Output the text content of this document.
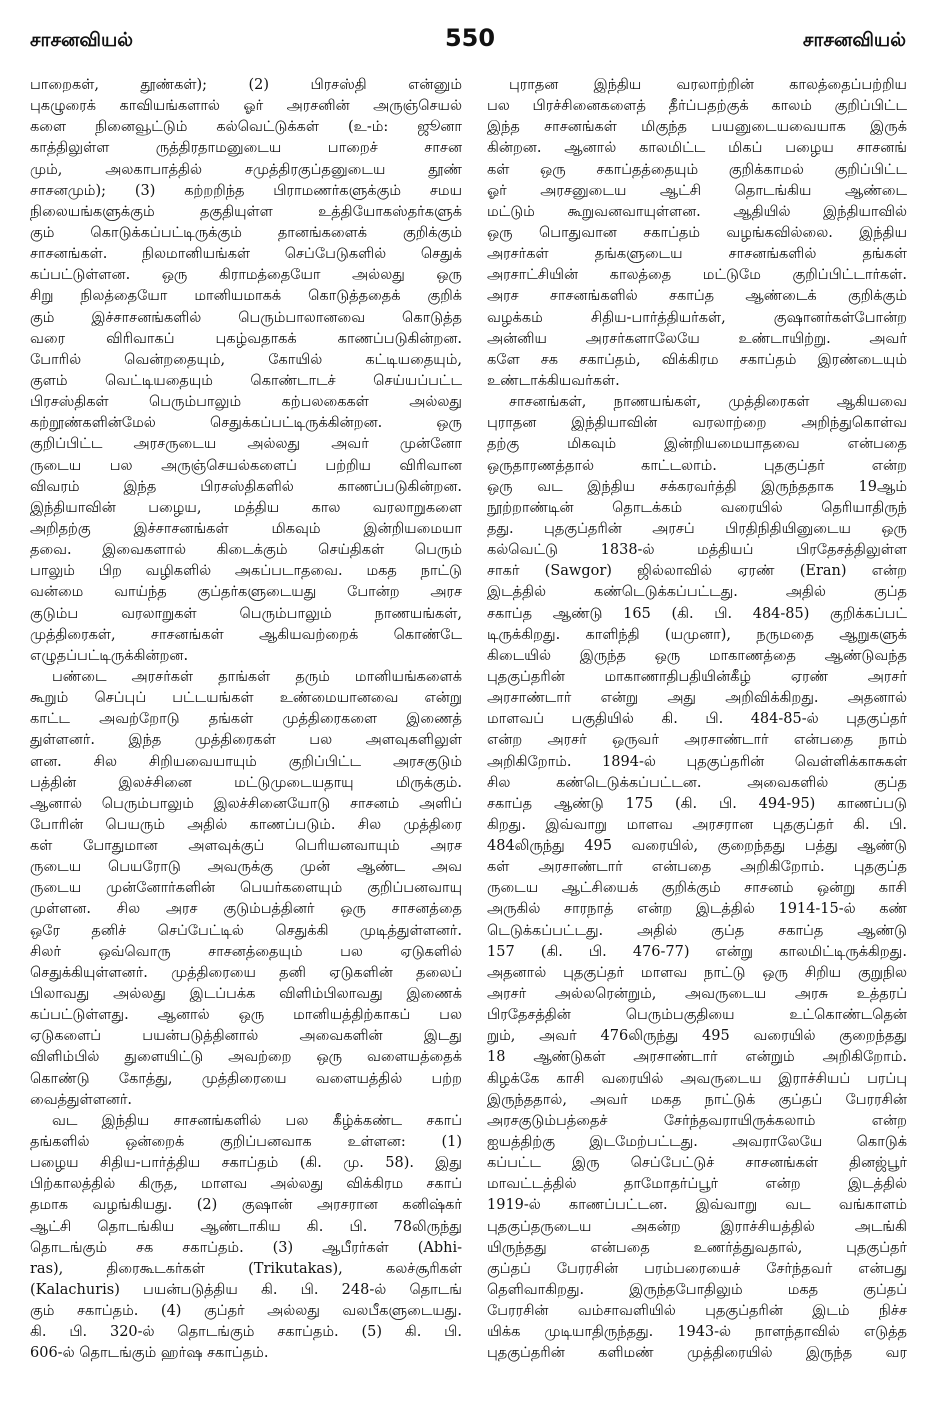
சாசனவியல்	550	சாசனவியல்
பாறைகள், தூண்கள்); (2) பிரசஸ்தி என்னும்
புகழுரைக் காவியங்களால் ஓர் அரசனின் அருஞ்செயல்
களை நினைவூட்டும் கல்வெட்டுக்கள் (உ-ம்: ஜூனா
காத்திலுள்ள ருத்திரதாமனுடைய பாறைச் சாசன
மும், அலகாபாத்தில் சமுத்திரகுப்தனுடைய தூண்
சாசனமும்); (3) கற்றறிந்த பிராமணர்களுக்கும் சமய
நிலையங்களுக்கும் தகுதியுள்ள உத்தியோகஸ்தர்களுக்
கும் கொடுக்கப்பட்டிருக்கும் தானங்களைக் குறிக்கும்
சாசனங்கள். நிலமானியங்கள் செப்பேடுகளில் செதுக்
கப்பட்டுள்ளன. ஒரு கிராமத்தையோ அல்லது ஒரு
சிறு நிலத்தையோ மானியமாகக் கொடுத்ததைக் குறிக்
கும் இச்சாசனங்களில் பெரும்பாலானவை கொடுத்த
வரை விரிவாகப் புகழ்வதாகக் காணப்படுகின்றன.
போரில் வென்றதையும், கோயில் கட்டியதையும்,
குளம் வெட்டியதையும் கொண்டாடச் செய்யப்பட்ட
பிரசஸ்திகள் பெரும்பாலும் கற்பலகைகள் அல்லது
கற்றூண்களின்மேல் செதுக்கப்பட்டிருக்கின்றன. ஒரு
குறிப்பிட்ட அரசருடைய அல்லது அவர் முன்னோ
ருடைய பல அருஞ்செயல்களைப் பற்றிய விரிவான
விவரம் இந்த பிரசஸ்திகளில் காணப்படுகின்றன.
இந்தியாவின் பழைய, மத்திய கால வரலாறுகளை
அறிதற்கு இச்சாசனங்கள் மிகவும் இன்றியமையா
தவை. இவைகளால் கிடைக்கும் செய்திகள் பெரும்
பாலும் பிற வழிகளில் அகப்படாதவை. மகத நாட்டு
வன்மை வாய்ந்த குப்தர்களுடையது போன்ற அரச
குடும்ப வரலாறுகள் பெரும்பாலும் நாணயங்கள்,
முத்திரைகள், சாசனங்கள் ஆகியவற்றைக் கொண்டே
எழுதப்பட்டிருக்கின்றன.
பண்டை அரசர்கள் தாங்கள் தரும் மானியங்களைக்
கூறும் செப்புப் பட்டயங்கள் உண்மையானவை என்று
காட்ட அவற்றோடு தங்கள் முத்திரைகளை இணைத்
துள்ளனர். இந்த முத்திரைகள் பல அளவுகளிலுள்
ளன. சில சிறியவையாயும் குறிப்பிட்ட அரசகுடும்
பத்தின் இலச்சினை மட்டுமுடையதாயு மிருக்கும்.
ஆனால் பெரும்பாலும் இலச்சினையோடு சாசனம் அளிப்
போரின் பெயரும் அதில் காணப்படும். சில முத்திரை
கள் போதுமான அளவுக்குப் பெரியனவாயும் அரச
ருடைய பெயரோடு அவருக்கு முன் ஆண்ட அவ
ருடைய முன்னோர்களின் பெயர்களையும் குறிப்பனவாயு
முள்ளன. சில அரச குடும்பத்தினர் ஒரு சாசனத்தை
ஒரே தனிச் செப்பேட்டில் செதுக்கி முடித்துள்ளனர்.
சிலர் ஒவ்வொரு சாசனத்தையும் பல ஏடுகளில்
செதுக்கியுள்ளனர். முத்திரையை தனி ஏடுகளின் தலைப்
பிலாவது அல்லது இடப்பக்க விளிம்பிலாவது இணைக்
கப்பட்டுள்ளது. ஆனால் ஒரு மானியத்திற்காகப் பல
ஏடுகளைப் பயன்படுத்தினால் அவைகளின் இடது
விளிம்பில் துளையிட்டு அவற்றை ஒரு வளையத்தைக்
கொண்டு கோத்து, முத்திரையை வளையத்தில் பற்ற
வைத்துள்ளனர்.
வட இந்திய சாசனங்களில் பல கீழ்க்கண்ட சகாப்
தங்களில் ஒன்றைக் குறிப்பனவாக உள்ளன: (1)
பழைய சிதிய-பார்த்திய சகாப்தம் (கி. மு. 58). இது
பிற்காலத்தில் கிருத, மாளவ அல்லது விக்கிரம சகாப்
தமாக வழங்கியது. (2) குஷான் அரசரான கனிஷ்கர்
ஆட்சி தொடங்கிய ஆண்டாகிய கி. பி. 78லிருந்து
தொடங்கும் சக சகாப்தம். (3) ஆபீரர்கள் (Abhi-
ras), திரைகூடகர்கள் (Trikutakas), கலச்சூரிகள்
(Kalachuris) பயன்படுத்திய கி. பி. 248-ல் தொடங்
கும் சகாப்தம். (4) குப்தர் அல்லது வலபீகளுடையது.
கி. பி. 320-ல் தொடங்கும் சகாப்தம். (5) கி. பி.
606-ல் தொடங்கும் ஹர்ஷ சகாப்தம்.
புராதன இந்திய வரலாற்றின் காலத்தைப்பற்றிய
பல பிரச்சினைகளைத் தீர்ப்பதற்குக் காலம் குறிப்பிட்ட
இந்த சாசனங்கள் மிகுந்த பயனுடையவையாக இருக்
கின்றன. ஆனால் காலமிட்ட மிகப் பழைய சாசனங்
கள் ஒரு சகாப்தத்தையும் குறிக்காமல் குறிப்பிட்ட
ஓர் அரசனுடைய ஆட்சி தொடங்கிய ஆண்டை
மட்டும் கூறுவனவாயுள்ளன. ஆதியில் இந்தியாவில்
ஒரு பொதுவான சகாப்தம் வழங்கவில்லை. இந்திய
அரசர்கள் தங்களுடைய சாசனங்களில் தங்கள்
அரசாட்சியின் காலத்தை மட்டுமே குறிப்பிட்டார்கள்.
அரச சாசனங்களில் சகாப்த ஆண்டைக் குறிக்கும்
வழக்கம் சிதிய-பார்த்தியர்கள், குஷானர்கள்போன்ற
அன்னிய அரசர்களாலேயே உண்டாயிற்று. அவர்
களே சக சகாப்தம், விக்கிரம சகாப்தம் இரண்டையும்
உண்டாக்கியவர்கள்.
சாசனங்கள், நாணயங்கள், முத்திரைகள் ஆகியவை
புராதன இந்தியாவின் வரலாற்றை அறிந்துகொள்வ
தற்கு மிகவும் இன்றியமையாதவை என்பதை
ஒருதாரணத்தால் காட்டலாம். புதகுப்தர் என்ற
ஒரு வட இந்திய சக்கரவர்த்தி இருந்ததாக 19ஆம்
நூற்றாண்டின் தொடக்கம் வரையில் தெரியாதிருந்
தது. புதகுப்தரின் அரசப் பிரதிநிதியினுடைய ஒரு
கல்வெட்டு 1838-ல் மத்தியப் பிரதேசத்திலுள்ள
சாகர் (Sawgor) ஜில்லாவில் ஏரண் (Eran) என்ற
இடத்தில் கண்டெடுக்கப்பட்டது. அதில் குப்த
சகாப்த ஆண்டு 165 (கி. பி. 484-85) குறிக்கப்பட்
டிருக்கிறது. காளிந்தி (யமுனா), நருமதை ஆறுகளுக்
கிடையில் இருந்த ஒரு மாகாணத்தை ஆண்டுவந்த
புதகுப்தரின் மாகாணாதிபதியின்கீழ் ஏரண் அரசர்
அரசாண்டார் என்று அது அறிவிக்கிறது. அதனால்
மாளவப் பகுதியில் கி. பி. 484-85-ல் புதகுப்தர்
என்ற அரசர் ஒருவர் அரசாண்டார் என்பதை நாம்
அறிகிறோம். 1894-ல் புதகுப்தரின் வெள்ளிக்காசுகள்
சில கண்டெடுக்கப்பட்டன. அவைகளில் குப்த
சகாப்த ஆண்டு 175 (கி. பி. 494-95) காணப்படு
கிறது. இவ்வாறு மாளவ அரசரான புதகுப்தர் கி. பி.
484லிருந்து 495 வரையில், குறைந்தது பத்து ஆண்டு
கள் அரசாண்டார் என்பதை அறிகிறோம். புதகுப்த
ருடைய ஆட்சியைக் குறிக்கும் சாசனம் ஒன்று காசி
அருகில் சாரநாத் என்ற இடத்தில் 1914-15-ல் கண்
டெடுக்கப்பட்டது. அதில் குப்த சகாப்த ஆண்டு
157 (கி. பி. 476-77) என்று காலமிட்டிருக்கிறது.
அதனால் புதகுப்தர் மாளவ நாட்டு ஒரு சிறிய குறுநில
அரசர் அல்லரென்றும், அவருடைய அரசு உத்தரப்
பிரதேசத்தின் பெரும்பகுதியை உட்கொண்டதென்
றும், அவர் 476லிருந்து 495 வரையில் குறைந்தது
18 ஆண்டுகள் அரசாண்டார் என்றும் அறிகிறோம்.
கிழக்கே காசி வரையில் அவருடைய இராச்சியப் பரப்பு
இருந்ததால், அவர் மகத நாட்டுக் குப்தப் பேரரசின்
அரசகுடும்பத்தைச் சேர்ந்தவராயிருக்கலாம் என்ற
ஐயத்திற்கு இடமேற்பட்டது. அவராலேயே கொடுக்
கப்பட்ட இரு செப்பேட்டுச் சாசனங்கள் தினஜ்பூர்
மாவட்டத்தில் தாமோதர்ப்பூர் என்ற இடத்தில்
1919-ல் காணப்பட்டன. இவ்வாறு வட வங்காளம்
புதகுப்தருடைய அகன்ற இராச்சியத்தில் அடங்கி
யிருந்தது என்பதை உணர்த்துவதால், புதகுப்தர்
குப்தப் பேரரசின் பரம்பரையைச் சேர்ந்தவர் என்பது
தெளிவாகிறது. இருந்தபோதிலும் மகத குப்தப்
பேரரசின் வம்சாவளியில் புதகுப்தரின் இடம் நிச்ச
யிக்க முடியாதிருந்தது. 1943-ல் நாளந்தாவில் எடுத்த
புதகுப்தரின் களிமண் முத்திரையில் இருந்த வர
